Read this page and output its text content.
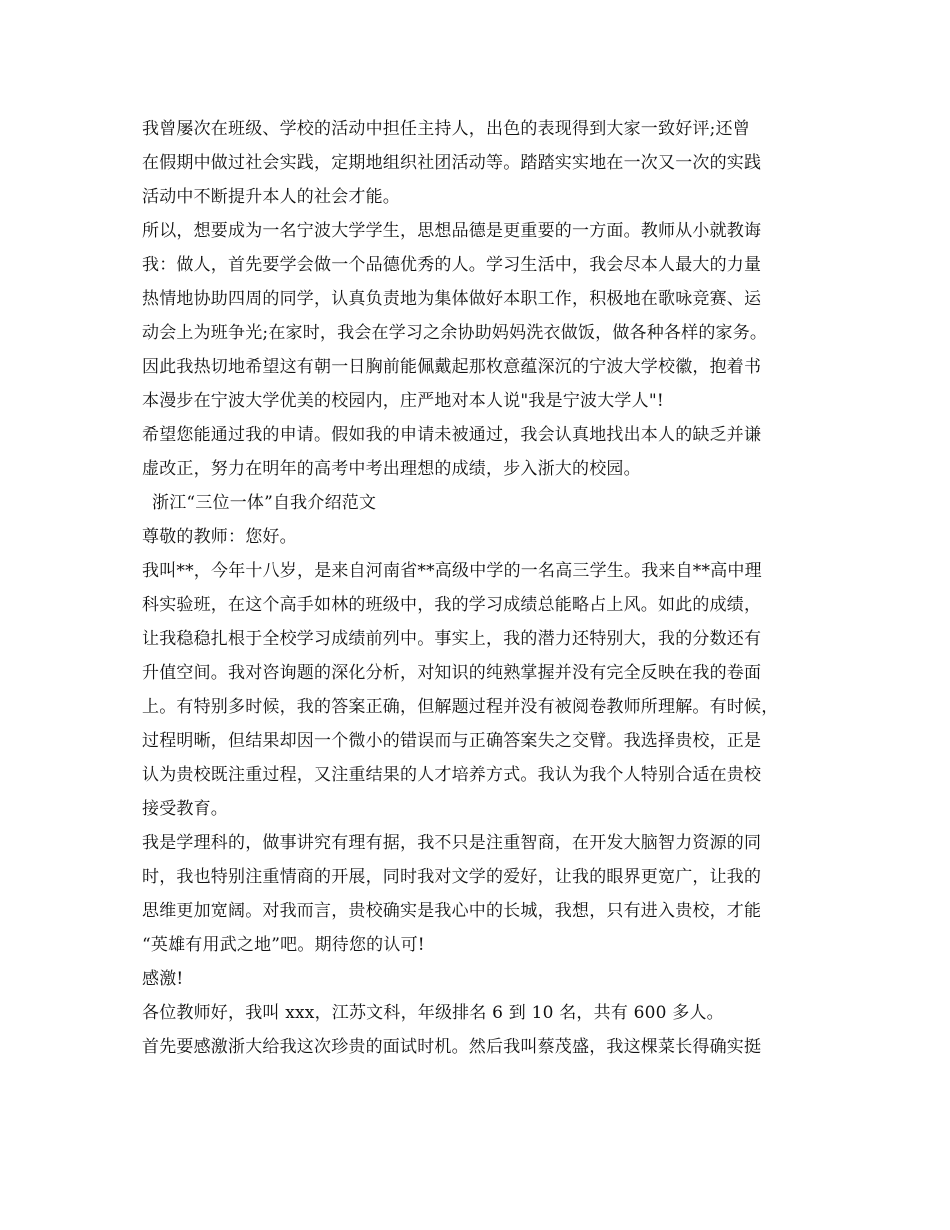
我曾屡次在班级、学校的活动中担任主持人，出色的表现得到大家一致好评;还曾
在假期中做过社会实践，定期地组织社团活动等。踏踏实实地在一次又一次的实践
活动中不断提升本人的社会才能。
所以，想要成为一名宁波大学学生，思想品德是更重要的一方面。教师从小就教诲
我：做人，首先要学会做一个品德优秀的人。学习生活中，我会尽本人最大的力量
热情地协助四周的同学，认真负责地为集体做好本职工作，积极地在歌咏竞赛、运
动会上为班争光;在家时，我会在学习之余协助妈妈洗衣做饭，做各种各样的家务。
因此我热切地希望这有朝一日胸前能佩戴起那枚意蕴深沉的宁波大学校徽，抱着书
本漫步在宁波大学优美的校园内，庄严地对本人说"我是宁波大学人"!
希望您能通过我的申请。假如我的申请未被通过，我会认真地找出本人的缺乏并谦
虚改正，努力在明年的高考中考出理想的成绩，步入浙大的校园。
浙江“三位一体”自我介绍范文
尊敬的教师：您好。
我叫**，今年十八岁，是来自河南省**高级中学的一名高三学生。我来自**高中理
科实验班，在这个高手如林的班级中，我的学习成绩总能略占上风。如此的成绩，
让我稳稳扎根于全校学习成绩前列中。事实上，我的潜力还特别大，我的分数还有
升值空间。我对咨询题的深化分析，对知识的纯熟掌握并没有完全反映在我的卷面
上。有特别多时候，我的答案正确，但解题过程并没有被阅卷教师所理解。有时候，
过程明晰，但结果却因一个微小的错误而与正确答案失之交臂。我选择贵校，正是
认为贵校既注重过程，又注重结果的人才培养方式。我认为我个人特别合适在贵校
接受教育。
我是学理科的，做事讲究有理有据，我不只是注重智商，在开发大脑智力资源的同
时，我也特别注重情商的开展，同时我对文学的爱好，让我的眼界更宽广，让我的
思维更加宽阔。对我而言，贵校确实是我心中的长城，我想，只有进入贵校，才能
“英雄有用武之地”吧。期待您的认可!
感激!
各位教师好，我叫 xxx，江苏文科，年级排名 6 到 10 名，共有 600 多人。
首先要感激浙大给我这次珍贵的面试时机。然后我叫蔡茂盛，我这棵菜长得确实挺
